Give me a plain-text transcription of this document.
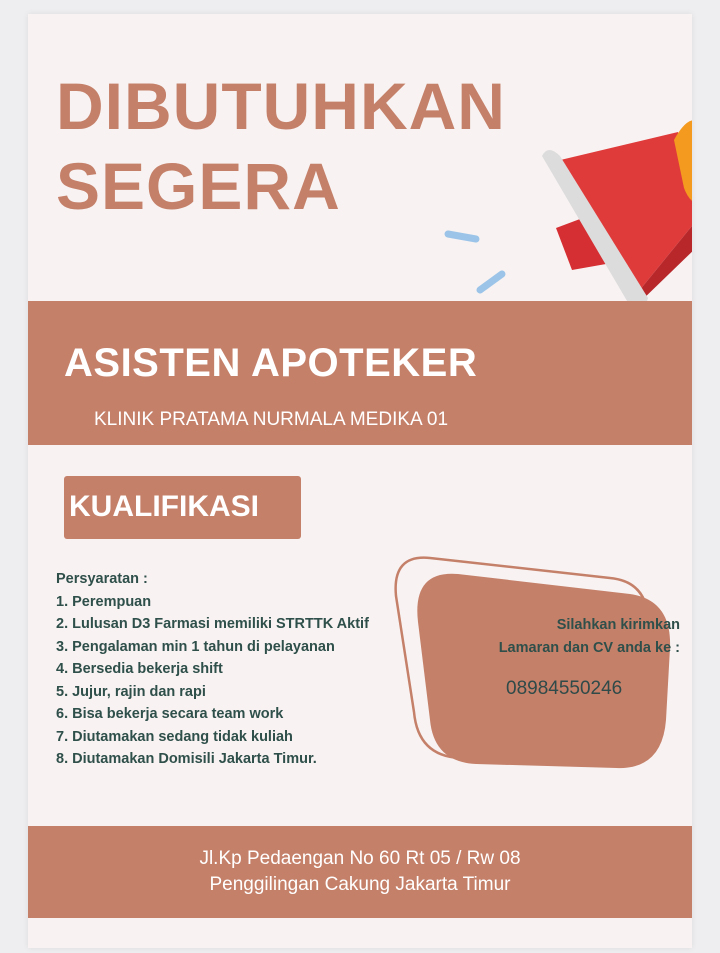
DIBUTUHKAN
SEGERA
ASISTEN APOTEKER
KLINIK PRATAMA NURMALA MEDIKA 01
KUALIFIKASI
Persyaratan :
1. Perempuan
2. Lulusan D3 Farmasi memiliki STRTTK Aktif
3. Pengalaman min 1 tahun di pelayanan
4. Bersedia bekerja shift
5. Jujur, rajin dan rapi
6. Bisa bekerja secara team work
7. Diutamakan sedang tidak kuliah
8. Diutamakan Domisili Jakarta Timur.
Silahkan kirimkan
Lamaran dan CV anda ke :
08984550246
Jl.Kp Pedaengan No 60 Rt 05 / Rw 08
Penggilingan Cakung Jakarta Timur
